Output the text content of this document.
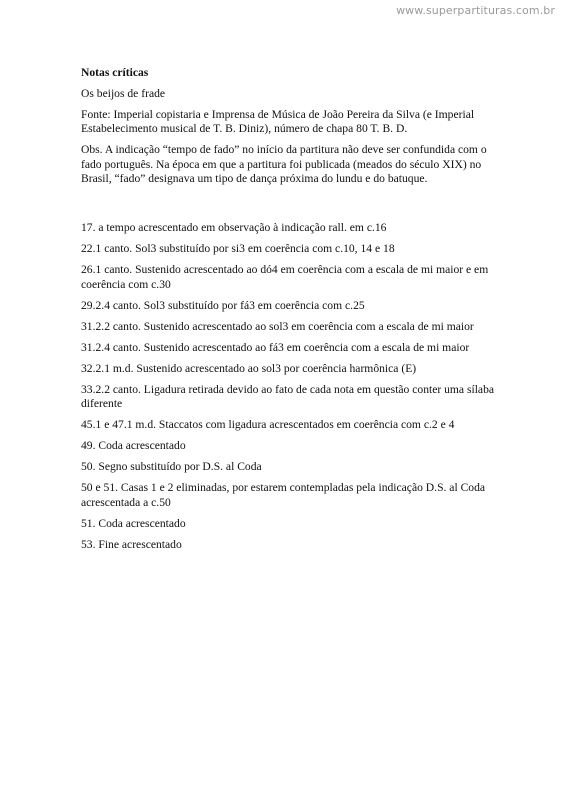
www.superpartituras.com.br
Notas críticas
Os beijos de frade
Fonte: Imperial copistaria e Imprensa de Música de João Pereira da Silva (e Imperial Estabelecimento musical de T. B. Diniz), número de chapa 80 T. B. D.
Obs. A indicação “tempo de fado” no início da partitura não deve ser confundida com o fado português. Na época em que a partitura foi publicada (meados do século XIX) no Brasil, “fado” designava um tipo de dança próxima do lundu e do batuque.
17. a tempo acrescentado em observação à indicação rall. em c.16
22.1 canto. Sol3 substituído por si3 em coerência com c.10, 14 e 18
26.1 canto. Sustenido acrescentado ao dó4 em coerência com a escala de mi maior e em coerência com c.30
29.2.4 canto. Sol3 substituído por fá3 em coerência com c.25
31.2.2 canto. Sustenido acrescentado ao sol3 em coerência com a escala de mi maior
31.2.4 canto. Sustenido acrescentado ao fá3 em coerência com a escala de mi maior
32.2.1 m.d. Sustenido acrescentado ao sol3 por coerência harmônica (E)
33.2.2 canto. Ligadura retirada devido ao fato de cada nota em questão conter uma sílaba diferente
45.1 e 47.1 m.d. Staccatos com ligadura acrescentados em coerência com c.2 e 4
49. Coda acrescentado
50. Segno substituído por D.S. al Coda
50 e 51. Casas 1 e 2 eliminadas, por estarem contempladas pela indicação D.S. al Coda acrescentada a c.50
51. Coda acrescentado
53. Fine acrescentado
